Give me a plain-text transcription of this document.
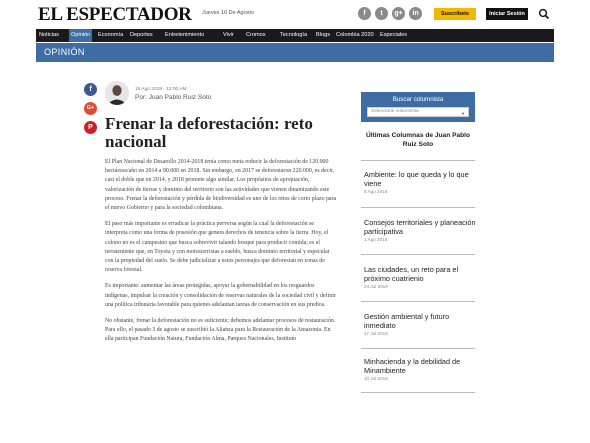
EL ESPECTADOR Jueves 16 De Agosto	f	t	g+	in	Suscríbete	Iniciar Sesión
Noticias	Opinión	Economía Deportes Entretenimiento	Vivir Cromos	Tecnología Blogs Colombia 2020 Especiales
OPINIÓN
f
G+
P
15 Ago 2018 - 12:00 AM
Por: Juan Pablo Ruiz Soto
Frenar la deforestación: reto nacional

El Plan Nacional de Desarollo 2014-2018 tenía como meta reducir la deforestación de 120.000 hectáreas/año en 2014 a 90.000 en 2018. Sin embargo, en 2017 se deforestaron 220.000, es decir, casi el doble que en 2014, y 2018 promete algo similar. Los propósitos de apropiación, valorización de tierras y dominio del territorio son las actividades que vienen dinamizando este proceso. Frenar la deforestación y pérdida de biodiversidad es uno de los retos de corto plazo para el nuevo Gobierno y para la sociedad colombiana.

El paso más importante es erradicar la práctica perversa según la cual la deforestación se interpreta como una forma de posesión que genera derechos de tenencia sobre la tierra. Hoy, el colono no es el campesino que busca sobrevivir talando bosque para producir comida; es el terrateniente que, en Toyota y con motosierristas a sueldo, busca dominio territorial y especular con la propiedad del suelo. Se debe judicializar a estos personajes que deforestan en zonas de reserva forestal.

Es importante: aumentar las áreas protegidas, apoyar la gobernabilidad en los resguardos indígenas, impulsar la creación y consolidación de reservas naturales de la sociedad civil y definir una política tributaria favorable para quienes adelantan tareas de conservación en sus predios.

No obstante, frenar la deforestación no es suficiente; debemos adelantar procesos de restauración. Para ello, el pasado 3 de agosto se suscribió la Alianza para la Restauración de la Amazonia. En ella participan Fundación Natura, Fundación Alma, Parques Nacionales, Instituto

Buscar columnista
Seleccione columnista	▼
Últimas Columnas de Juan Pablo Ruiz Soto
Ambiente: lo que queda y lo que viene
8 Ago 2018
Consejos territoriales y planeación participativa
1 Ago 2018
Las ciudades, un reto para el próximo cuatrienio
24 Jul 2018
Gestión ambiental y futuro inmediato
17 Jul 2018
Minhacienda y la debilidad de Minambiente
10 Jul 2018
